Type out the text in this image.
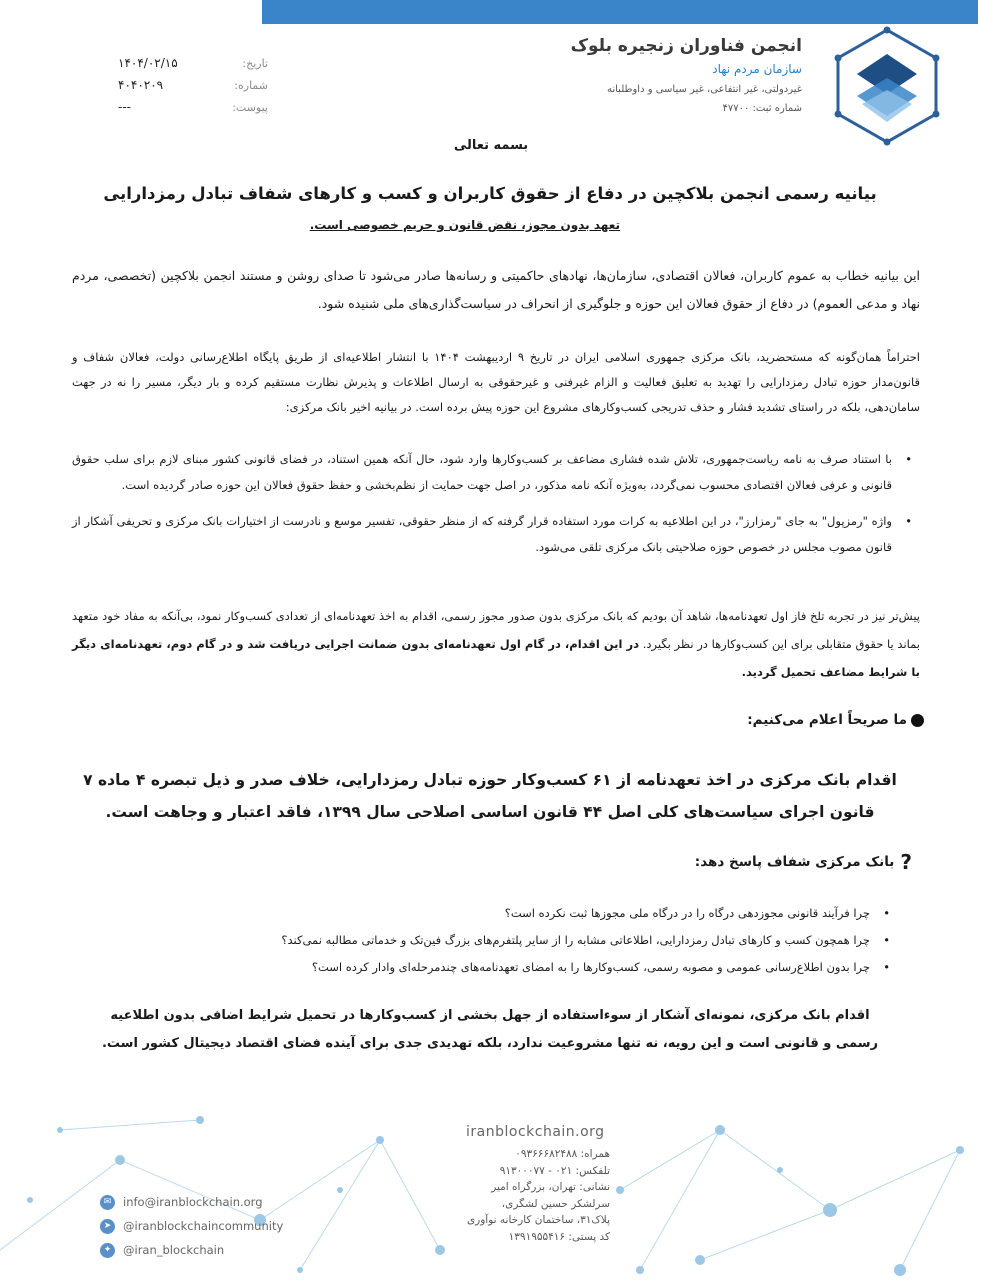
انجمن فناوران زنجیره بلوک
سازمان مردم نهاد
غیردولتی، غیر انتفاعی، غیر سیاسی و داوطلبانه
شماره ثبت: ۴۷۷۰۰
تاریخ:
۱۴۰۴/۰۲/۱۵
شماره:
۴۰۴۰۲۰۹
پیوست:
---
بسمه تعالی
بیانیه رسمی انجمن بلاکچین در دفاع از حقوق کاربران و کسب و کارهای شفاف تبادل رمزدارایی
تعهد بدون مجوز، نقض قانون و حریم خصوصی است.
این بیانیه خطاب به عموم کاربران، فعالان اقتصادی، سازمان‌ها، نهادهای حاکمیتی و رسانه‌ها صادر می‌شود تا صدای روشن و مستند انجمن بلاکچین (تخصصی، مردم نهاد و مدعی العموم) در دفاع از حقوق فعالان این حوزه و جلوگیری از انحراف در سیاست‌گذاری‌های ملی شنیده شود.
احتراماً همان‌گونه که مستحضرید، بانک مرکزی جمهوری اسلامی ایران در تاریخ ۹ اردیبهشت ۱۴۰۴ با انتشار اطلاعیه‌ای از طریق پایگاه اطلاع‌رسانی دولت، فعالان شفاف و قانون‌مدار حوزه تبادل رمزدارایی را تهدید به تعلیق فعالیت و الزام غیرفنی و غیرحقوقی به ارسال اطلاعات و پذیرش نظارت مستقیم کرده و بار دیگر، مسیر را نه در جهت سامان‌دهی، بلکه در راستای تشدید فشار و حذف تدریجی کسب‌وکارهای مشروع این حوزه پیش برده است. در بیانیه اخیر بانک مرکزی:
• با استناد صرف به نامه ریاست‌جمهوری، تلاش شده فشاری مضاعف بر کسب‌وکارها وارد شود، حال آنکه همین استناد، در فضای قانونی کشور مبنای لازم برای سلب حقوق قانونی و عرفی فعالان اقتصادی محسوب نمی‌گردد، به‌ویژه آنکه نامه مذکور، در اصل جهت حمایت از نظم‌بخشی و حفظ حقوق فعالان این حوزه صادر گردیده است.
• واژه "رمزپول" به جای "رمزارز"، در این اطلاعیه به کرات مورد استفاده قرار گرفته که از منظر حقوقی، تفسیر موسع و نادرست از اختیارات بانک مرکزی و تحریفی آشکار از قانون مصوب مجلس در خصوص حوزه صلاحیتی بانک مرکزی تلقی می‌شود.
پیش‌تر نیز در تجربه تلخ فاز اول تعهدنامه‌ها، شاهد آن بودیم که بانک مرکزی بدون صدور مجوز رسمی، اقدام به اخذ تعهدنامه‌ای از تعدادی کسب‌وکار نمود، بی‌آنکه به مفاد خود متعهد بماند یا حقوق متقابلی برای این کسب‌وکارها در نظر بگیرد. در این اقدام، در گام اول تعهدنامه‌ای بدون ضمانت اجرایی دریافت شد و در گام دوم، تعهدنامه‌ای دیگر با شرایط مضاعف تحمیل گردید.
ما صریحاً اعلام می‌کنیم:
اقدام بانک مرکزی در اخذ تعهدنامه از ۶۱ کسب‌وکار حوزه تبادل رمزدارایی، خلاف صدر و ذیل تبصره ۴ ماده ۷ قانون اجرای سیاست‌های کلی اصل ۴۴ قانون اساسی اصلاحی سال ۱۳۹۹، فاقد اعتبار و وجاهت است.
?
بانک مرکزی شفاف پاسخ دهد:
• چرا فرآیند قانونی مجوزدهی درگاه را در درگاه ملی مجوزها ثبت نکرده است؟
• چرا همچون کسب و کارهای تبادل رمزدارایی، اطلاعاتی مشابه را از سایر پلتفرم‌های بزرگ فین‌تک و خدماتی مطالبه نمی‌کند؟
• چرا بدون اطلاع‌رسانی عمومی و مصوبه رسمی، کسب‌وکارها را به امضای تعهدنامه‌های چندمرحله‌ای وادار کرده است؟
اقدام بانک مرکزی، نمونه‌ای آشکار از سوءاستفاده از جهل بخشی از کسب‌وکارها در تحمیل شرایط اضافی بدون اطلاعیه رسمی و قانونی است و این رویه، نه تنها مشروعیت ندارد، بلکه تهدیدی جدی برای آینده فضای اقتصاد دیجیتال کشور است.
iranblockchain.org
همراه: ۰۹۳۶۶۶۸۲۴۸۸
تلفکس: ۰۲۱ - ۹۱۳۰۰۰۷۷
نشانی: تهران، بزرگراه امیر
سرلشکر حسین لشگری،
پلاک۳۱، ساختمان کارخانه نوآوری
کد پستی: ۱۳۹۱۹۵۵۴۱۶
✉	info@iranblockchain.org
➤	@iranblockchaincommunity
✦	@iran_blockchain
